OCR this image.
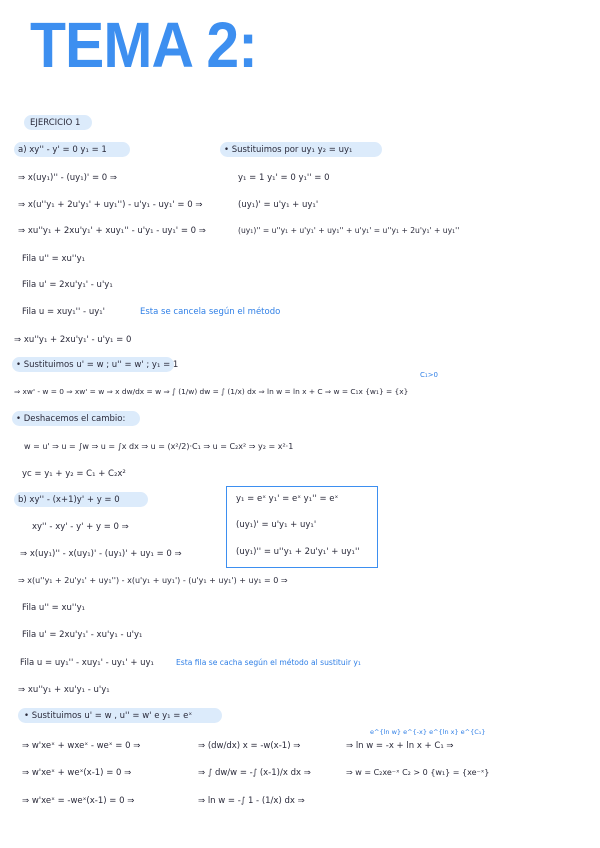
TEMA 2:
EJERCICIO 1
a) xy'' - y' = 0 y₁ = 1	• Sustituimos por uy₁ y₂ = uy₁
⇒ x(uy₁)'' - (uy₁)' = 0 ⇒
⇒ x(u''y₁ + 2u'y₁' + uy₁'') - u'y₁ - uy₁' = 0 ⇒
⇒ xu''y₁ + 2xu'y₁' + xuy₁'' - u'y₁ - uy₁' = 0 ⇒
Fila u'' = xu''y₁
Fila u' = 2xu'y₁' - u'y₁
Fila u = xuy₁'' - uy₁'	Esta se cancela según el método
⇒ xu''y₁ + 2xu'y₁' - u'y₁ = 0
y₁ = 1 y₁' = 0 y₁'' = 0
(uy₁)' = u'y₁ + uy₁'
(uy₁)'' = u''y₁ + u'y₁' + uy₁'' + u'y₁' = u''y₁ + 2u'y₁' + uy₁''
• Sustituimos u' = w ; u'' = w' ; y₁ = 1
C₁>0
⇒ xw' - w = 0 ⇒ xw' = w ⇒ x dw/dx = w ⇒ ∫ (1/w) dw = ∫ (1/x) dx ⇒ ln w = ln x + C ⇒ w = C₁x {w₁} = {x}
• Deshacemos el cambio:
w = u' ⇒ u = ∫w ⇒ u = ∫x dx ⇒ u = (x²/2)·C₁ ⇒ u = C₂x² ⇒ y₂ = x²·1
yc = y₁ + y₂ = C₁ + C₂x²
b) xy'' - (x+1)y' + y = 0	y₁ = eˣ y₁' = eˣ y₁'' = eˣ
(uy₁)' = u'y₁ + uy₁'
(uy₁)'' = u''y₁ + 2u'y₁' + uy₁''
xy'' - xy' - y' + y = 0 ⇒
⇒ x(uy₁)'' - x(uy₁)' - (uy₁)' + uy₁ = 0 ⇒
⇒ x(u''y₁ + 2u'y₁' + uy₁'') - x(u'y₁ + uy₁') - (u'y₁ + uy₁') + uy₁ = 0 ⇒
Fila u'' = xu''y₁
Fila u' = 2xu'y₁' - xu'y₁ - u'y₁
Fila u = uy₁'' - xuy₁' - uy₁' + uy₁	Esta fila se cacha según el método al sustituir y₁
⇒ xu''y₁ + xu'y₁ - u'y₁
• Sustituimos u' = w , u'' = w' e y₁ = eˣ
e^{ln w} e^{-x} e^{ln x} e^{C₁}
⇒ w'xeˣ + wxeˣ - weˣ = 0 ⇒
⇒ w'xeˣ + weˣ(x-1) = 0 ⇒
⇒ w'xeˣ = -weˣ(x-1) = 0 ⇒
⇒ (dw/dx) x = -w(x-1) ⇒
⇒ ∫ dw/w = -∫ (x-1)/x dx ⇒
⇒ ln w = -∫ 1 - (1/x) dx ⇒
⇒ ln w = -x + ln x + C₁ ⇒
⇒ w = C₂xe⁻ˣ C₂ > 0 {w₁} = {xe⁻ˣ}
